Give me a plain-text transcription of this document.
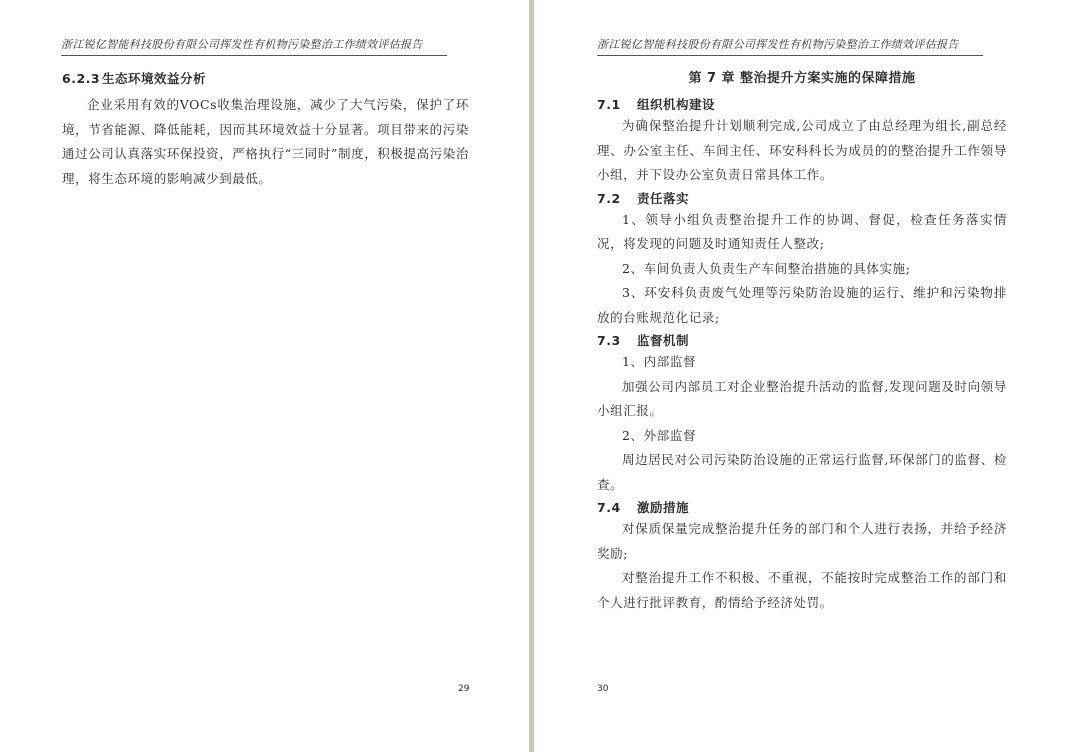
浙江锐亿智能科技股份有限公司挥发性有机物污染整治工作绩效评估报告
6.2.3 生态环境效益分析

企业采用有效的VOCs收集治理设施，减少了大气污染，保护了环境，节省能源、降低能耗，因而其环境效益十分显著。项目带来的污染通过公司认真落实环保投资，严格执行“三同时”制度，积极提高污染治理，将生态环境的影响减少到最低。

29
浙江锐亿智能科技股份有限公司挥发性有机物污染整治工作绩效评估报告
第 7 章 整治提升方案实施的保障措施
7.1 组织机构建设

为确保整治提升计划顺利完成,公司成立了由总经理为组长,副总经理、办公室主任、车间主任、环安科科长为成员的的整治提升工作领导小组，并下设办公室负责日常具体工作。

7.2 责任落实

1、领导小组负责整治提升工作的协调、督促，检查任务落实情况，将发现的问题及时通知责任人整改;

2、车间负责人负责生产车间整治措施的具体实施;

3、环安科负责废气处理等污染防治设施的运行、维护和污染物排放的台账规范化记录;

7.3 监督机制

1、内部监督

加强公司内部员工对企业整治提升活动的监督,发现问题及时向领导小组汇报。

2、外部监督

周边居民对公司污染防治设施的正常运行监督,环保部门的监督、检查。

7.4 激励措施

对保质保量完成整治提升任务的部门和个人进行表扬，并给予经济奖励;

对整治提升工作不积极、不重视，不能按时完成整治工作的部门和个人进行批评教育，酌情给予经济处罚。

30
